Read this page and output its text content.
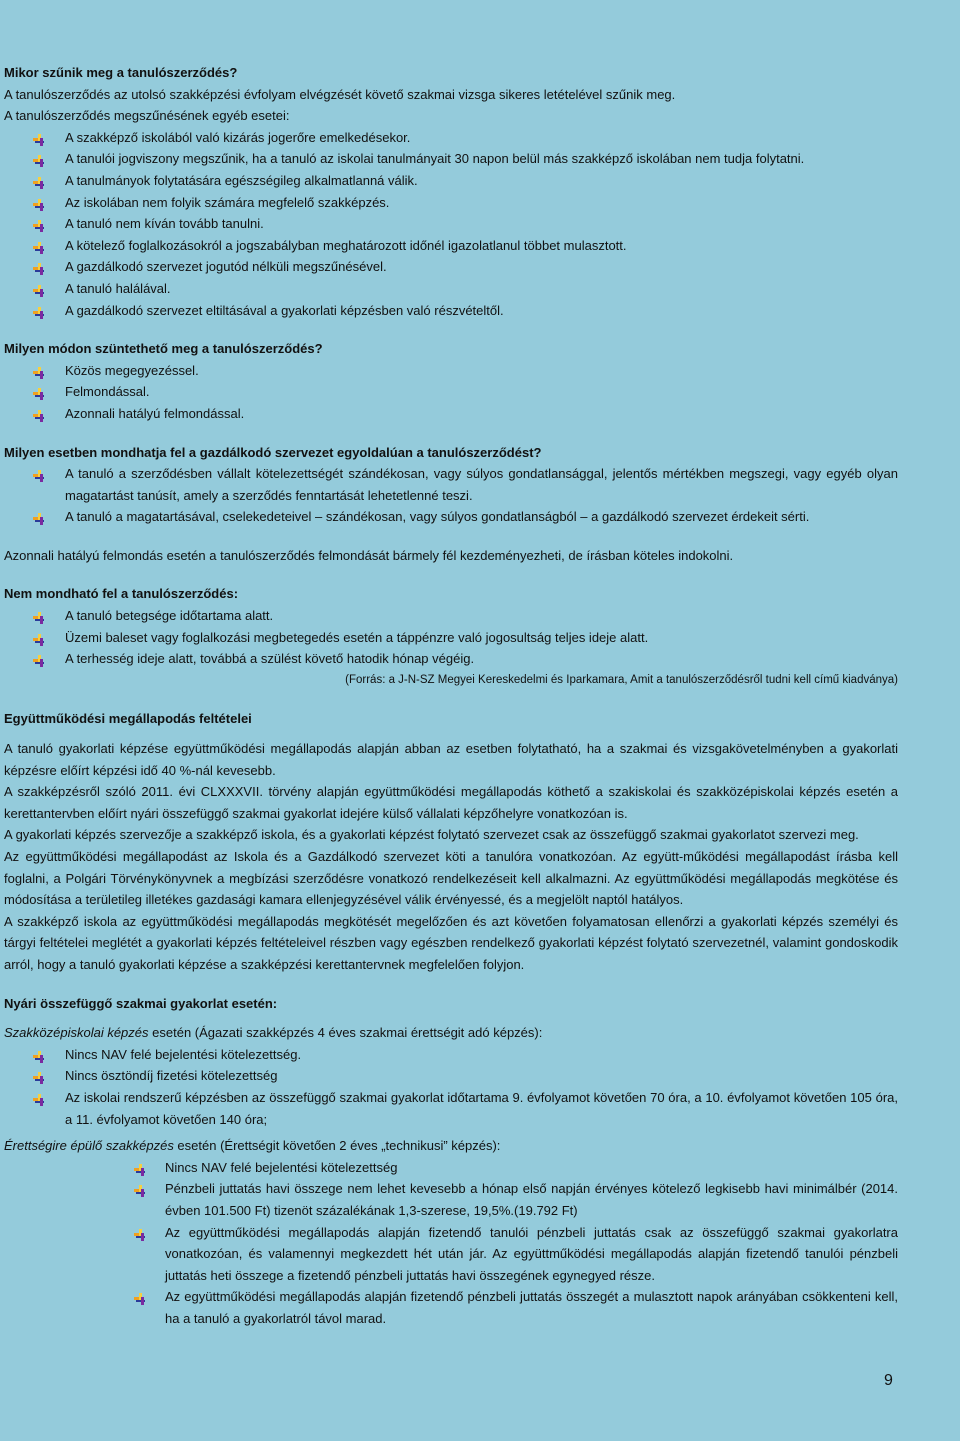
Mikor szűnik meg a tanulószerződés?

A tanulószerződés az utolsó szakképzési évfolyam elvégzését követő szakmai vizsga sikeres letételével szűnik meg.

A tanulószerződés megszűnésének egyéb esetei:

A szakképző iskolából való kizárás jogerőre emelkedésekor.
A tanulói jogviszony megszűnik, ha a tanuló az iskolai tanulmányait 30 napon belül más szakképző iskolában nem tudja folytatni.
A tanulmányok folytatására egészségileg alkalmatlanná válik.
Az iskolában nem folyik számára megfelelő szakképzés.
A tanuló nem kíván tovább tanulni.
A kötelező foglalkozásokról a jogszabályban meghatározott időnél igazolatlanul többet mulasztott.
A gazdálkodó szervezet jogutód nélküli megszűnésével.
A tanuló halálával.
A gazdálkodó szervezet eltiltásával a gyakorlati képzésben való részvételtől.

Milyen módon szüntethető meg a tanulószerződés?

Közös megegyezéssel.
Felmondással.
Azonnali hatályú felmondással.

Milyen esetben mondhatja fel a gazdálkodó szervezet egyoldalúan a tanulószerződést?

A tanuló a szerződésben vállalt kötelezettségét szándékosan, vagy súlyos gondatlansággal, jelentős mértékben megszegi, vagy egyéb olyan magatartást tanúsít, amely a szerződés fenntartását lehetetlenné teszi.
A tanuló a magatartásával, cselekedeteivel – szándékosan, vagy súlyos gondatlanságból – a gazdálkodó szervezet érdekeit sérti.

Azonnali hatályú felmondás esetén a tanulószerződés felmondását bármely fél kezdeményezheti, de írásban köteles indokolni.

Nem mondható fel a tanulószerződés:

A tanuló betegsége időtartama alatt.
Üzemi baleset vagy foglalkozási megbetegedés esetén a táppénzre való jogosultság teljes ideje alatt.
A terhesség ideje alatt, továbbá a szülést követő hatodik hónap végéig.

(Forrás: a J-N-SZ Megyei Kereskedelmi és Iparkamara, Amit a tanulószerződésről tudni kell című kiadványa)

Együttműködési megállapodás feltételei

A tanuló gyakorlati képzése együttműködési megállapodás alapján abban az esetben folytatható, ha a szakmai és vizsgakövetelményben a gyakorlati képzésre előírt képzési idő 40 %-nál kevesebb.

A szakképzésről szóló 2011. évi CLXXXVII. törvény alapján együttműködési megállapodás köthető a szakiskolai és szakközépiskolai képzés esetén a kerettantervben előírt nyári összefüggő szakmai gyakorlat idejére külső vállalati képzőhelyre vonatkozóan is.

A gyakorlati képzés szervezője a szakképző iskola, és a gyakorlati képzést folytató szervezet csak az összefüggő szakmai gyakorlatot szervezi meg.

Az együttműködési megállapodást az Iskola és a Gazdálkodó szervezet köti a tanulóra vonatkozóan. Az együtt-működési megállapodást írásba kell foglalni, a Polgári Törvénykönyvnek a megbízási szerződésre vonatkozó rendelkezéseit kell alkalmazni. Az együttműködési megállapodás megkötése és módosítása a területileg illetékes gazdasági kamara ellenjegyzésével válik érvényessé, és a megjelölt naptól hatályos.

A szakképző iskola az együttműködési megállapodás megkötését megelőzően és azt követően folyamatosan ellenőrzi a gyakorlati képzés személyi és tárgyi feltételei meglétét a gyakorlati képzés feltételeivel részben vagy egészben rendelkező gyakorlati képzést folytató szervezetnél, valamint gondoskodik arról, hogy a tanuló gyakorlati képzése a szakképzési kerettantervnek megfelelően folyjon.

Nyári összefüggő szakmai gyakorlat esetén:

Szakközépiskolai képzés esetén (Ágazati szakképzés 4 éves szakmai érettségit adó képzés):

Nincs NAV felé bejelentési kötelezettség.
Nincs ösztöndíj fizetési kötelezettség
Az iskolai rendszerű képzésben az összefüggő szakmai gyakorlat időtartama 9. évfolyamot követően 70 óra, a 10. évfolyamot követően 105 óra, a 11. évfolyamot követően 140 óra;

Érettségire épülő szakképzés esetén (Érettségit követően 2 éves „technikusi” képzés):

Nincs NAV felé bejelentési kötelezettség
Pénzbeli juttatás havi összege nem lehet kevesebb a hónap első napján érvényes kötelező legkisebb havi minimálbér (2014. évben 101.500 Ft) tizenöt százalékának 1,3-szerese, 19,5%.(19.792 Ft)
Az együttműködési megállapodás alapján fizetendő tanulói pénzbeli juttatás csak az összefüggő szakmai gyakorlatra vonatkozóan, és valamennyi megkezdett hét után jár. Az együttműködési megállapodás alapján fizetendő tanulói pénzbeli juttatás heti összege a fizetendő pénzbeli juttatás havi összegének egynegyed része.
Az együttműködési megállapodás alapján fizetendő pénzbeli juttatás összegét a mulasztott napok arányában csökkenteni kell, ha a tanuló a gyakorlatról távol marad.
9
